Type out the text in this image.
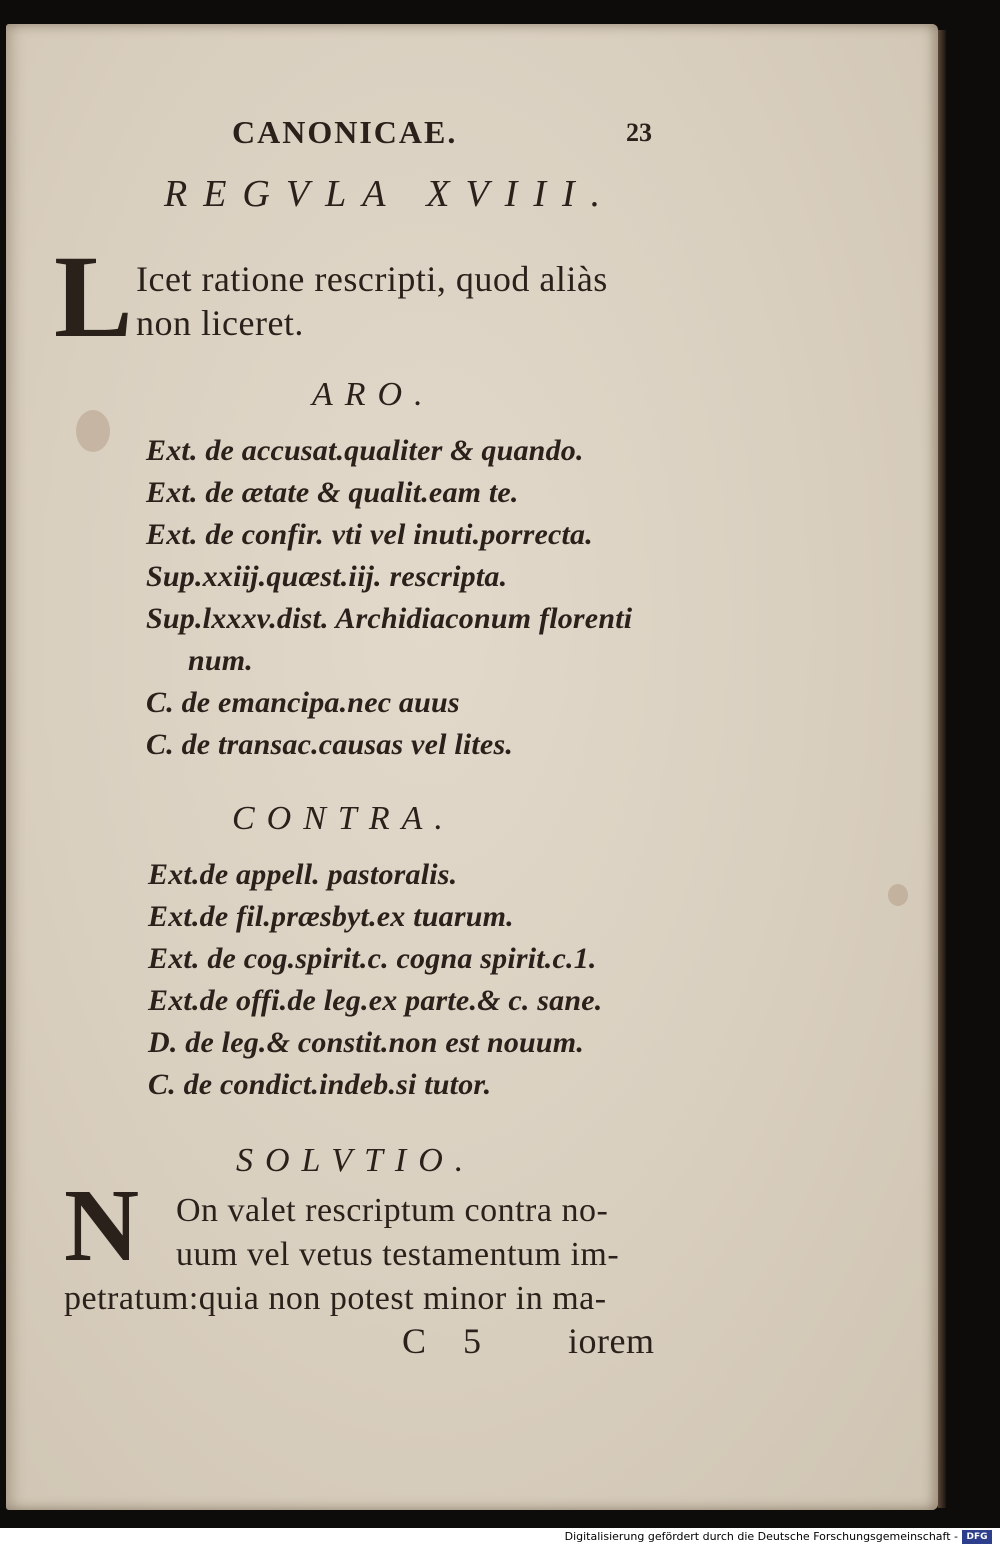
CANONICAE.	23
REGVLA XVIII.
L Icet ratione rescripti, quod aliàs
non liceret.
ARO.
Ext. de accusat.qualiter & quando.
Ext. de ætate & qualit.eam te.
Ext. de confir. vti vel inuti.porrecta.
Sup.xxiij.quæst.iij. rescripta.
Sup.lxxxv.dist. Archidiaconum florenti
num.
C. de emancipa.nec auus
C. de transac.causas vel lites.
CONTRA.
Ext.de appell. pastoralis.
Ext.de fil.præsbyt.ex tuarum.
Ext. de cog.spirit.c. cogna spirit.c.1.
Ext.de offi.de leg.ex parte.& c. sane.
D. de leg.& constit.non est nouum.
C. de condict.indeb.si tutor.
SOLVTIO.
N On valet rescriptum contra no-
uum vel vetus testamentum im-
petratum:quia non potest minor in ma-
C 5 iorem
Digitalisierung gefördert durch die Deutsche Forschungsgemeinschaft - DFG
